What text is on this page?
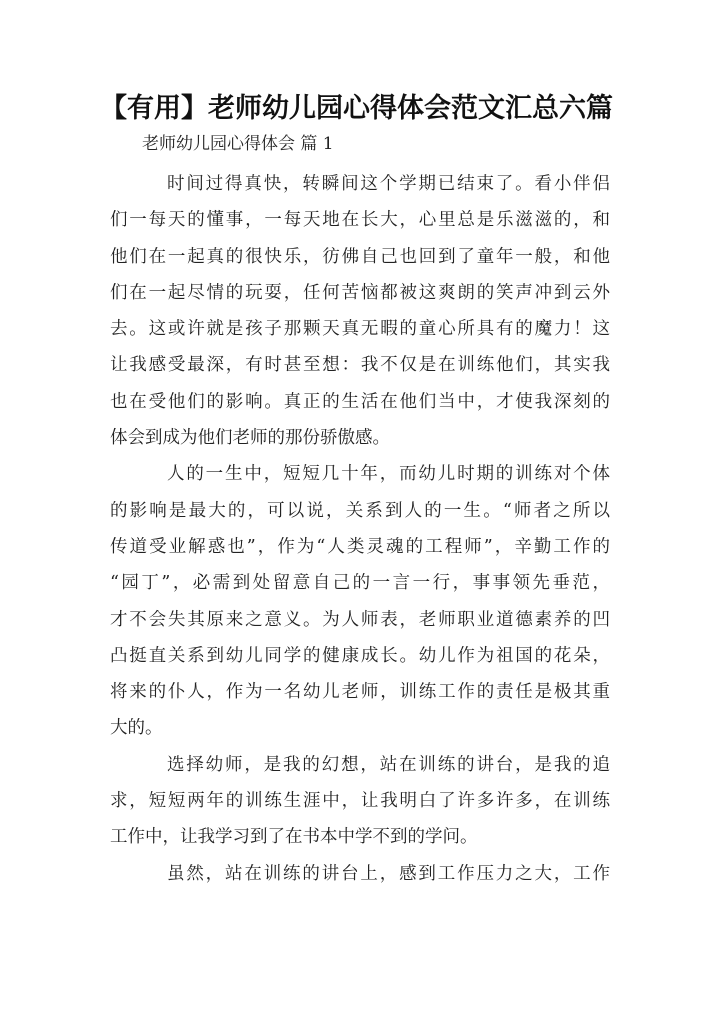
【有用】老师幼儿园心得体会范文汇总六篇
老师幼儿园心得体会 篇 1
时间过得真快，转瞬间这个学期已结束了。看小伴侣
们一每天的懂事，一每天地在长大，心里总是乐滋滋的，和
他们在一起真的很快乐，彷佛自己也回到了童年一般，和他
们在一起尽情的玩耍，任何苦恼都被这爽朗的笑声冲到云外
去。这或许就是孩子那颗天真无暇的童心所具有的魔力！这
让我感受最深，有时甚至想：我不仅是在训练他们，其实我
也在受他们的影响。真正的生活在他们当中，才使我深刻的
体会到成为他们老师的那份骄傲感。
人的一生中，短短几十年，而幼儿时期的训练对个体
的影响是最大的，可以说，关系到人的一生。“师者之所以
传道受业解惑也”，作为“人类灵魂的工程师”，辛勤工作的
“园丁”，必需到处留意自己的一言一行，事事领先垂范，
才不会失其原来之意义。为人师表，老师职业道德素养的凹
凸挺直关系到幼儿同学的健康成长。幼儿作为祖国的花朵，
将来的仆人，作为一名幼儿老师，训练工作的责任是极其重
大的。
选择幼师，是我的幻想，站在训练的讲台，是我的追
求，短短两年的训练生涯中，让我明白了许多许多，在训练
工作中，让我学习到了在书本中学不到的学问。
虽然，站在训练的讲台上，感到工作压力之大，工作
